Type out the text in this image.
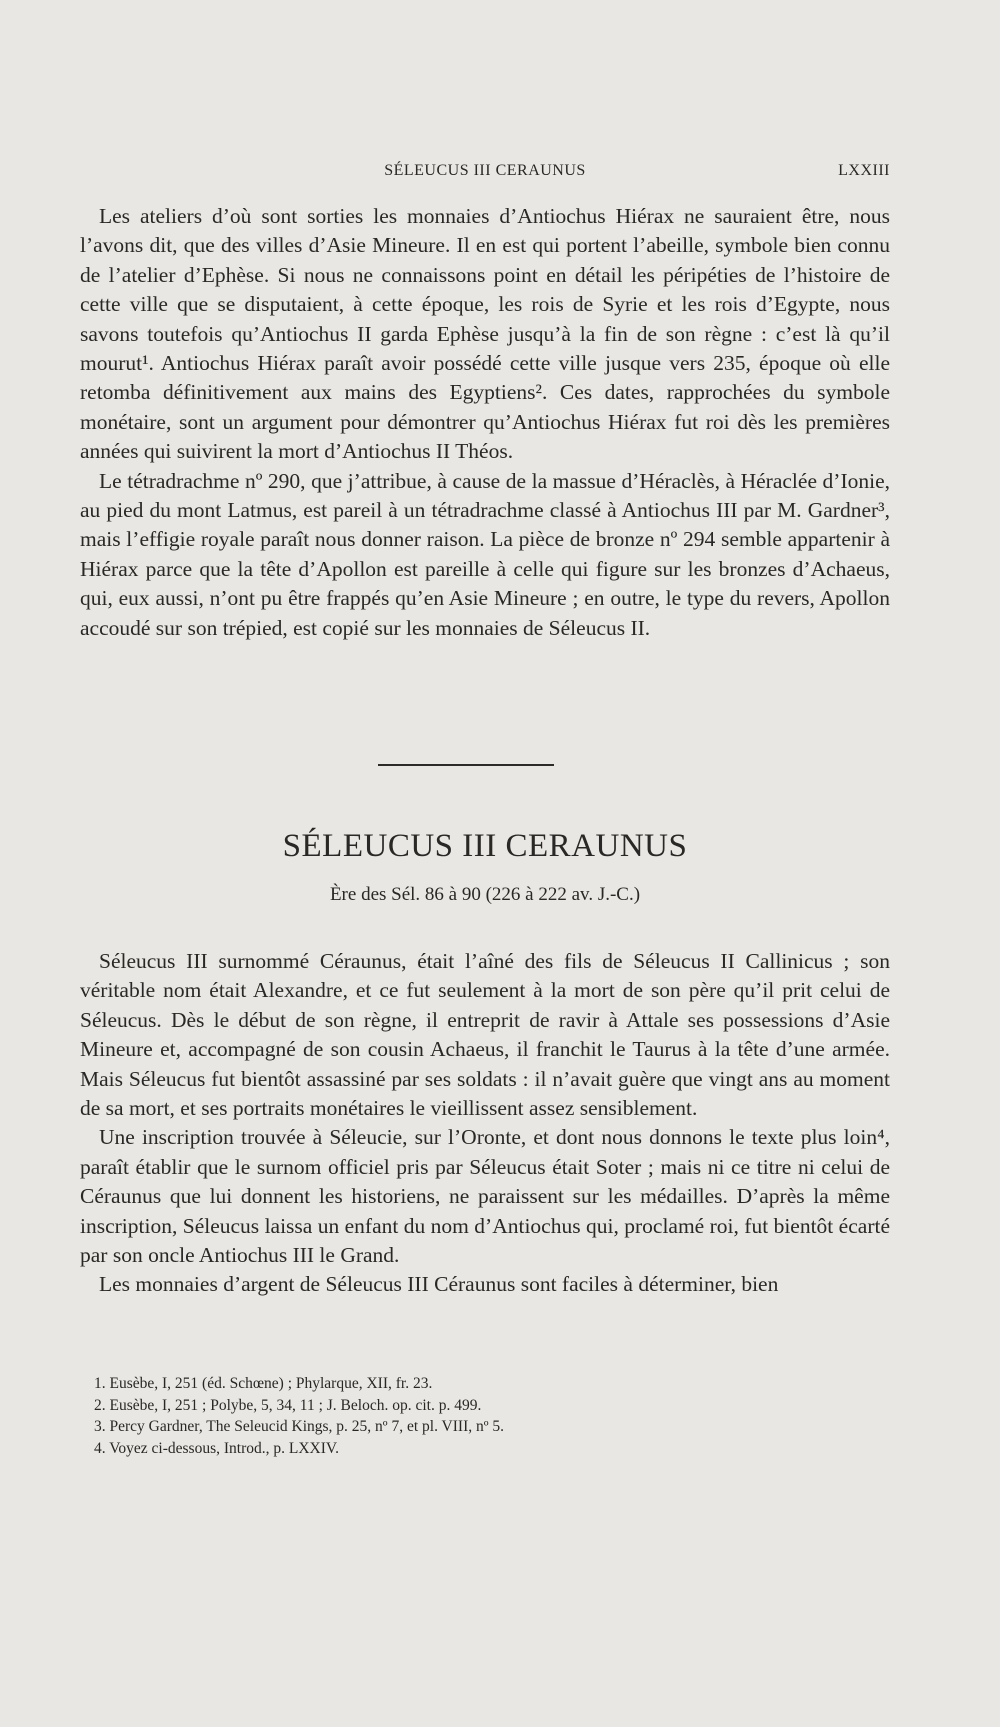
SÉLEUCUS III CERAUNUS	LXXIII

Les ateliers d’où sont sorties les monnaies d’Antiochus Hiérax ne sauraient être, nous l’avons dit, que des villes d’Asie Mineure. Il en est qui portent l’abeille, symbole bien connu de l’atelier d’Ephèse. Si nous ne connaissons point en détail les péripéties de l’histoire de cette ville que se disputaient, à cette époque, les rois de Syrie et les rois d’Egypte, nous savons toutefois qu’Antiochus II garda Ephèse jusqu’à la fin de son règne : c’est là qu’il mourut¹. Antiochus Hiérax paraît avoir possédé cette ville jusque vers 235, époque où elle retomba définitivement aux mains des Egyptiens². Ces dates, rapprochées du symbole monétaire, sont un argument pour démontrer qu’Antiochus Hiérax fut roi dès les premières années qui suivirent la mort d’Antiochus II Théos.

Le tétradrachme nº 290, que j’attribue, à cause de la massue d’Héraclès, à Héraclée d’Ionie, au pied du mont Latmus, est pareil à un tétradrachme classé à Antiochus III par M. Gardner³, mais l’effigie royale paraît nous donner raison. La pièce de bronze nº 294 semble appartenir à Hiérax parce que la tête d’Apollon est pareille à celle qui figure sur les bronzes d’Achaeus, qui, eux aussi, n’ont pu être frappés qu’en Asie Mineure ; en outre, le type du revers, Apollon accoudé sur son trépied, est copié sur les monnaies de Séleucus II.

SÉLEUCUS III CERAUNUS
Ère des Sél. 86 à 90 (226 à 222 av. J.-C.)

Séleucus III surnommé Céraunus, était l’aîné des fils de Séleucus II Callinicus ; son véritable nom était Alexandre, et ce fut seulement à la mort de son père qu’il prit celui de Séleucus. Dès le début de son règne, il entreprit de ravir à Attale ses possessions d’Asie Mineure et, accompagné de son cousin Achaeus, il franchit le Taurus à la tête d’une armée. Mais Séleucus fut bientôt assassiné par ses soldats : il n’avait guère que vingt ans au moment de sa mort, et ses portraits monétaires le vieillissent assez sensiblement.

Une inscription trouvée à Séleucie, sur l’Oronte, et dont nous donnons le texte plus loin⁴, paraît établir que le surnom officiel pris par Séleucus était Soter ; mais ni ce titre ni celui de Céraunus que lui donnent les historiens, ne paraissent sur les médailles. D’après la même inscription, Séleucus laissa un enfant du nom d’Antiochus qui, proclamé roi, fut bientôt écarté par son oncle Antiochus III le Grand.

Les monnaies d’argent de Séleucus III Céraunus sont faciles à déterminer, bien

1. Eusèbe, I, 251 (éd. Schœne) ; Phylarque, XII, fr. 23.
2. Eusèbe, I, 251 ; Polybe, 5, 34, 11 ; J. Beloch. op. cit. p. 499.
3. Percy Gardner, The Seleucid Kings, p. 25, nº 7, et pl. VIII, nº 5.
4. Voyez ci-dessous, Introd., p. LXXIV.
